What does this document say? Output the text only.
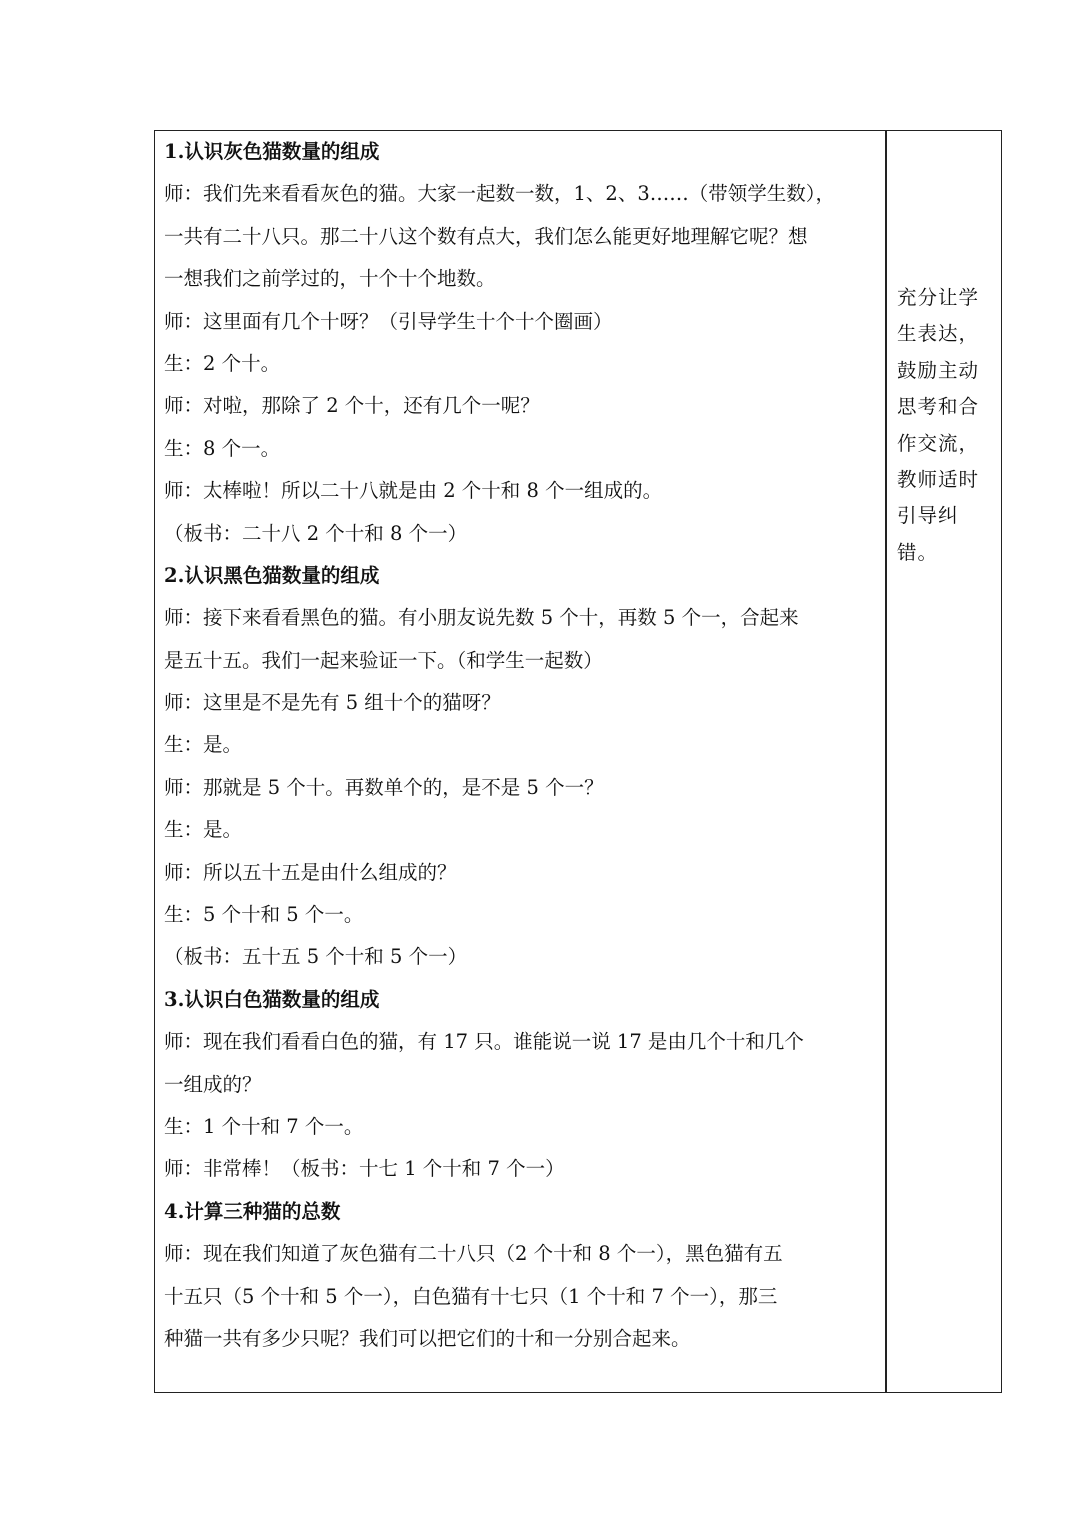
1.认识灰色猫数量的组成
师：我们先来看看灰色的猫。大家一起数一数，1、2、3……（带领学生数），
一共有二十八只。那二十八这个数有点大，我们怎么能更好地理解它呢？想
一想我们之前学过的，十个十个地数。
师：这里面有几个十呀？（引导学生十个十个圈画）
生：2 个十。
师：对啦，那除了 2 个十，还有几个一呢？
生：8 个一。
师：太棒啦！所以二十八就是由 2 个十和 8 个一组成的。
（板书：二十八 2 个十和 8 个一）
2.认识黑色猫数量的组成
师：接下来看看黑色的猫。有小朋友说先数 5 个十，再数 5 个一，合起来
是五十五。我们一起来验证一下。（和学生一起数）
师：这里是不是先有 5 组十个的猫呀？
生：是。
师：那就是 5 个十。再数单个的，是不是 5 个一？
生：是。
师：所以五十五是由什么组成的？
生：5 个十和 5 个一。
（板书：五十五 5 个十和 5 个一）
3.认识白色猫数量的组成
师：现在我们看看白色的猫，有 17 只。谁能说一说 17 是由几个十和几个
一组成的？
生：1 个十和 7 个一。
师：非常棒！（板书：十七 1 个十和 7 个一）
4.计算三种猫的总数
师：现在我们知道了灰色猫有二十八只（2 个十和 8 个一），黑色猫有五
十五只（5 个十和 5 个一），白色猫有十七只（1 个十和 7 个一），那三
种猫一共有多少只呢？我们可以把它们的十和一分别合起来。
充分让学
生表达，
鼓励主动
思考和合
作交流，
教师适时
引导纠
错。
